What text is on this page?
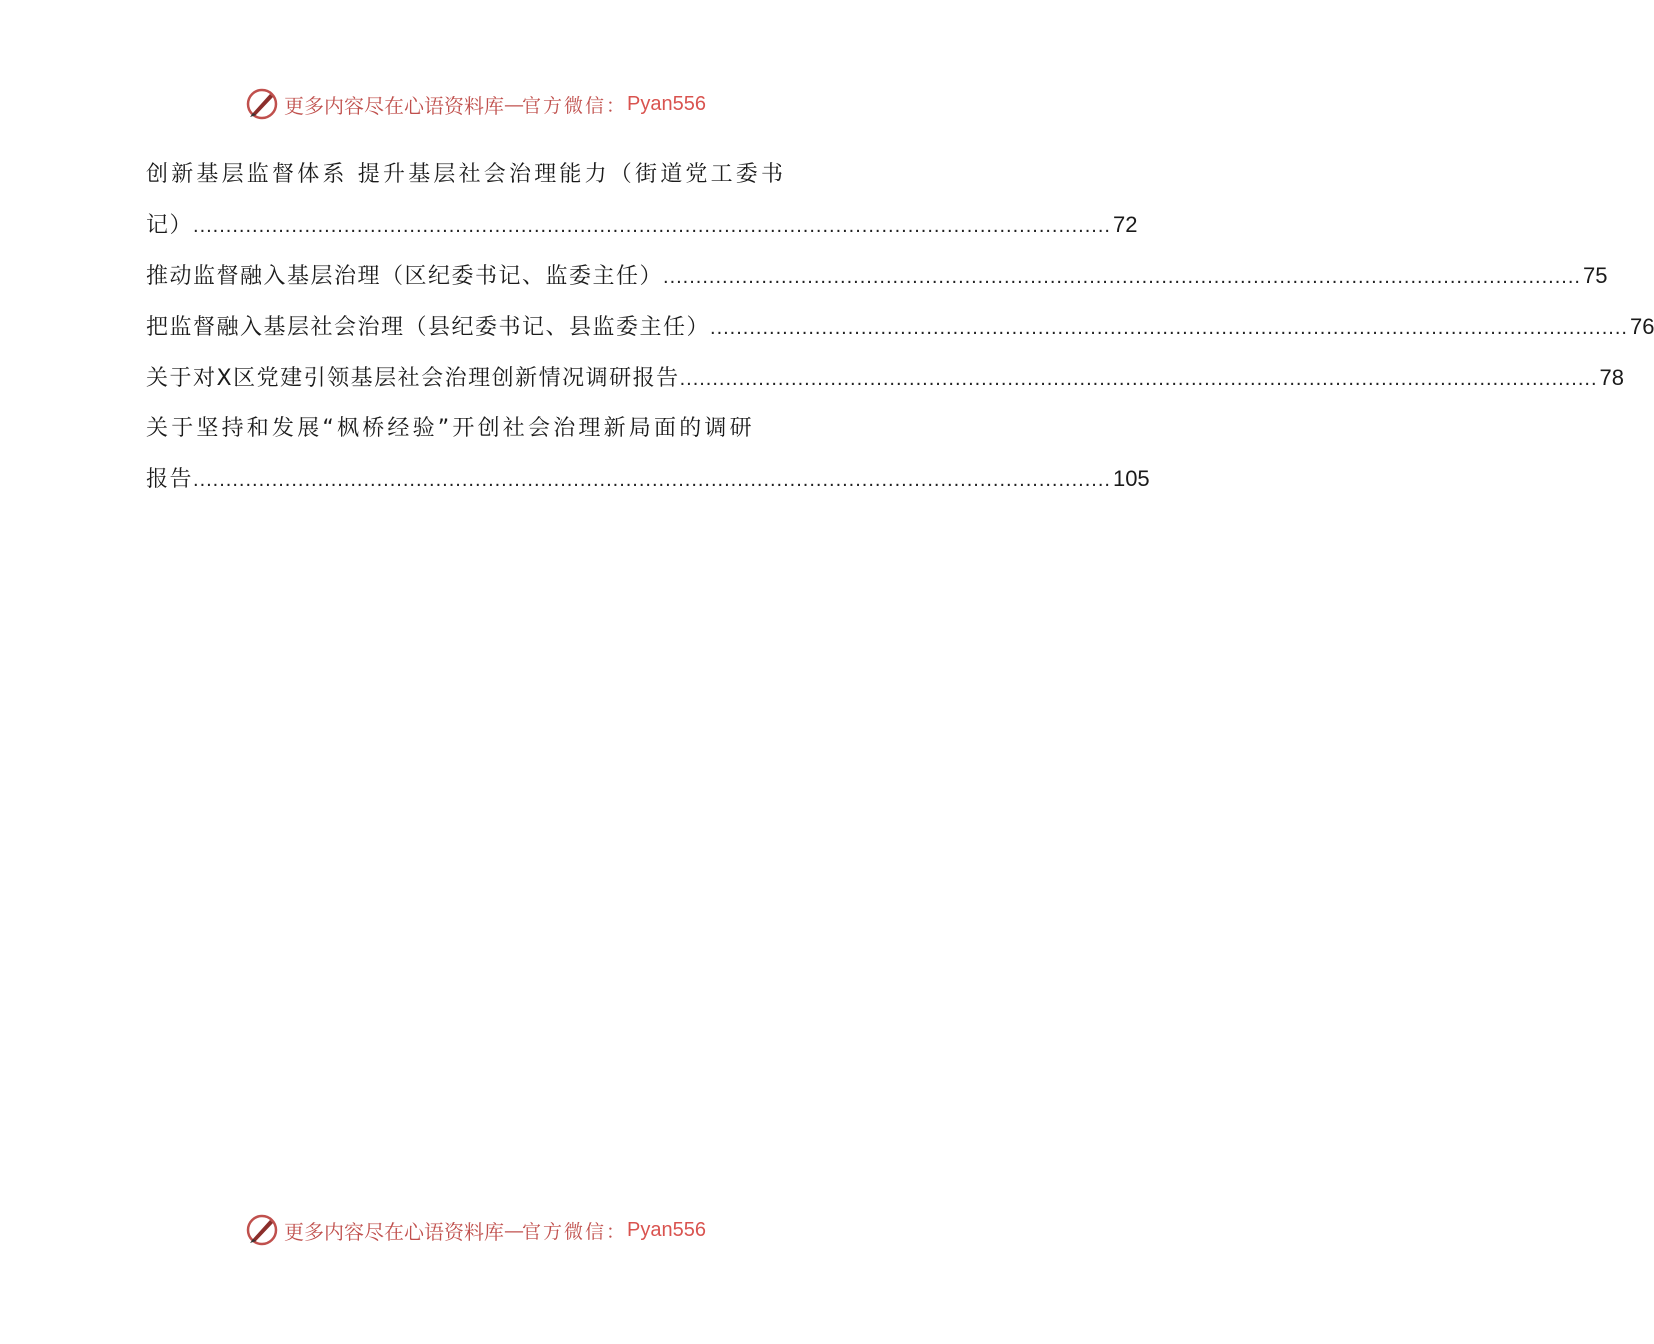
更多内容尽在心语资料库 — 官方微信： Pyan556
创新基层监督体系 提升基层社会治理能力（街道党工委书
记） ............................................................................................................................................ 72
推动监督融入基层治理（区纪委书记、监委主任） ............................................................................................................................................ 75
把监督融入基层社会治理（县纪委书记、县监委主任） ............................................................................................................................................ 76
关于对X区党建引领基层社会治理创新情况调研报告 ............................................................................................................................................ 78
关于坚持和发展“枫桥经验”开创社会治理新局面的调研
报告 ............................................................................................................................................ 105
更多内容尽在心语资料库 — 官方微信： Pyan556
